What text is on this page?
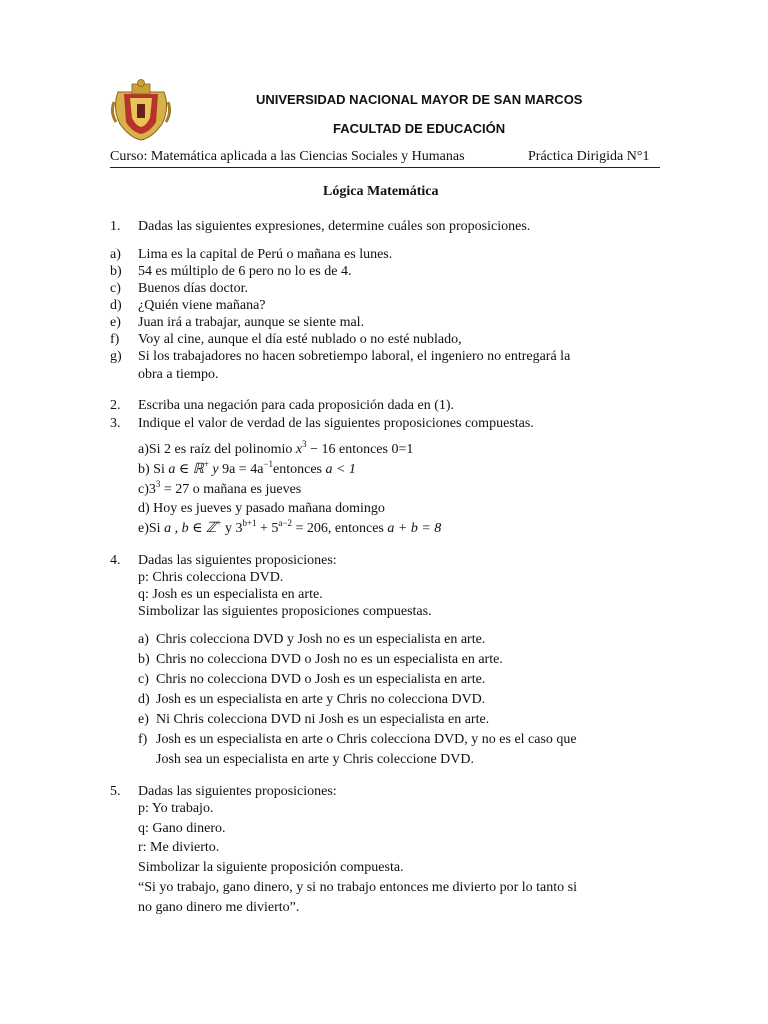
UNIVERSIDAD NACIONAL MAYOR DE SAN MARCOS
FACULTAD DE EDUCACIÓN
Curso: Matemática aplicada a las Ciencias Sociales y Humanas	Práctica Dirigida N°1
Lógica Matemática
1. Dadas las siguientes expresiones, determine cuáles son proposiciones.
a) Lima es la capital de Perú o mañana es lunes.
b) 54 es múltiplo de 6 pero no lo es de 4.
c) Buenos días doctor.
d) ¿Quién viene mañana?
e) Juan irá a trabajar, aunque se siente mal.
f) Voy al cine, aunque el día esté nublado o no esté nublado,
g) Si los trabajadores no hacen sobretiempo laboral, el ingeniero no entregará la
obra a tiempo.
2. Escriba una negación para cada proposición dada en (1).
3. Indique el valor de verdad de las siguientes proposiciones compuestas.
a)Si 2 es raíz del polinomio $x^3 - 16$ entonces 0=1
b) Si a ∈ ℝ+ y $9a = 4a^{-1}entonces$ a < 1
$c)3^3 = 27$ o mañana es jueves
d) Hoy es jueves y pasado mañana domingo
e)Si a , b ∈ ℤ+ y $3^{b+1} + 5^{a-2} = 206$, entonces a + b = 8
4. Dadas las siguientes proposiciones:
p: Chris colecciona DVD.
q: Josh es un especialista en arte.
Simbolizar las siguientes proposiciones compuestas.
a) Chris colecciona DVD y Josh no es un especialista en arte.
b) Chris no colecciona DVD o Josh no es un especialista en arte.
c) Chris no colecciona DVD o Josh es un especialista en arte.
d) Josh es un especialista en arte y Chris no colecciona DVD.
e) Ni Chris colecciona DVD ni Josh es un especialista en arte.
f) Josh es un especialista en arte o Chris colecciona DVD, y no es el caso que
Josh sea un especialista en arte y Chris coleccione DVD.
5. Dadas las siguientes proposiciones:
p: Yo trabajo.
q: Gano dinero.
r: Me divierto.
Simbolizar la siguiente proposición compuesta.
“Si yo trabajo, gano dinero, y si no trabajo entonces me divierto por lo tanto si
no gano dinero me divierto”.
